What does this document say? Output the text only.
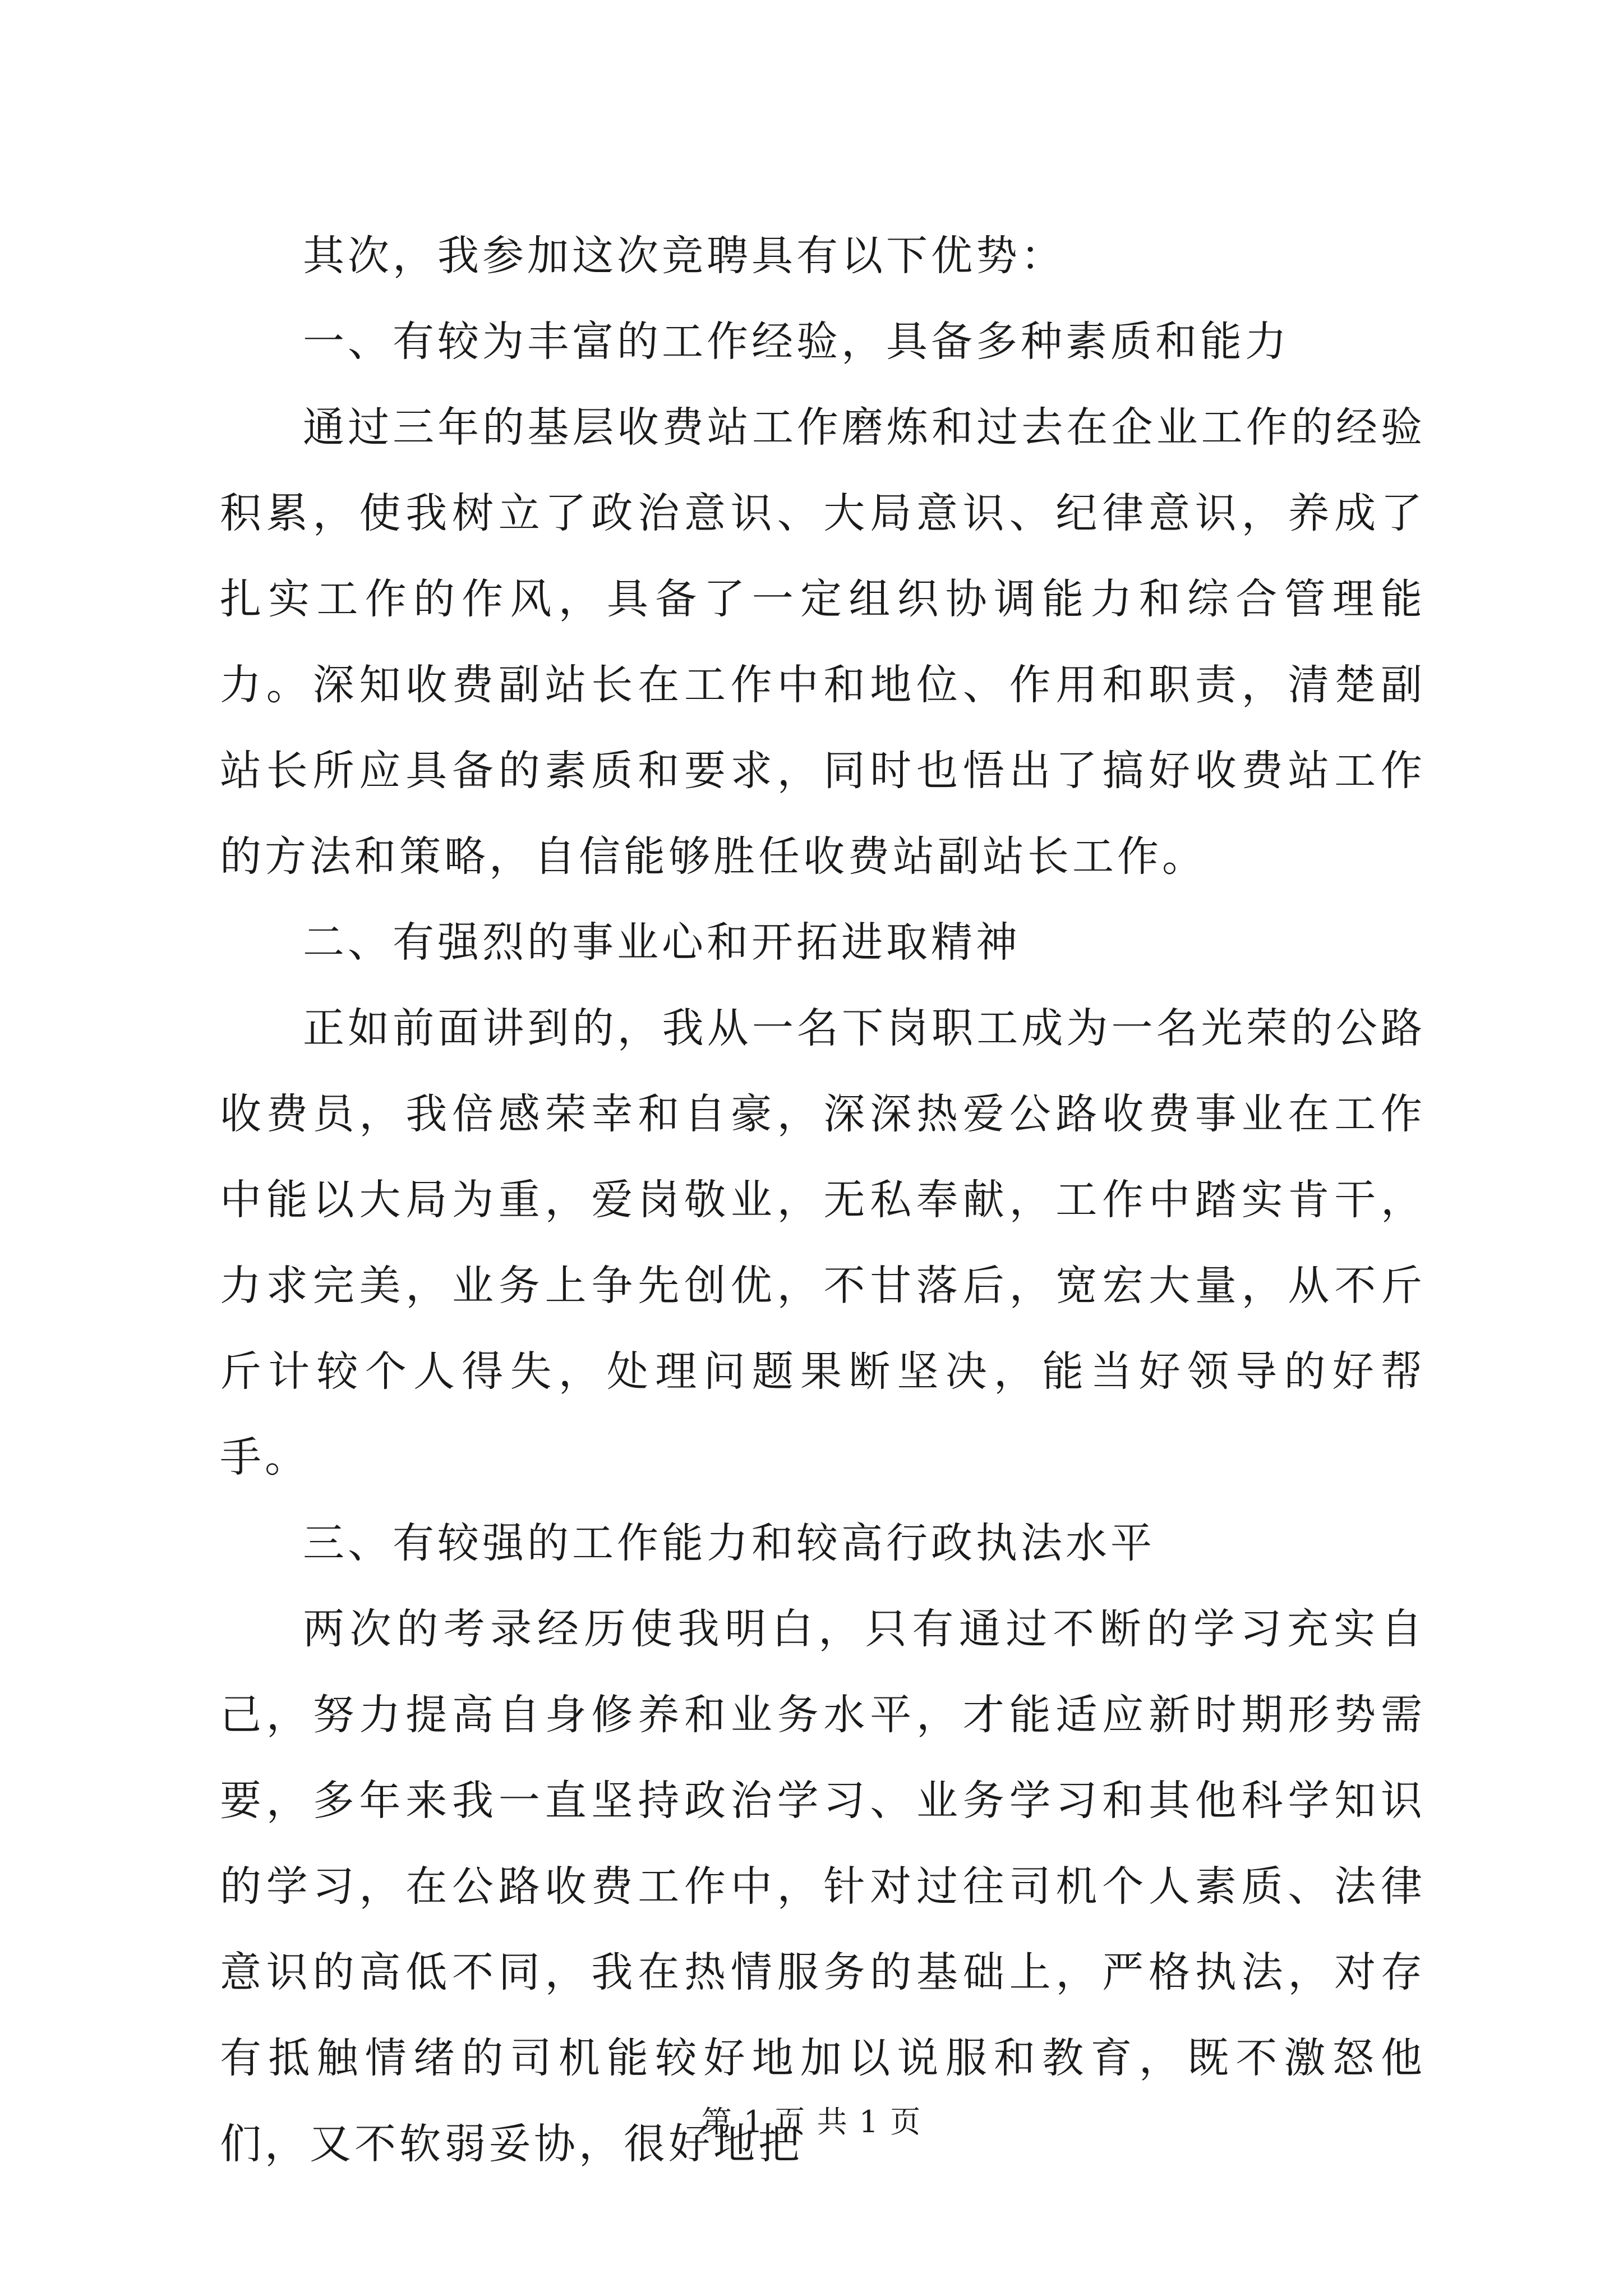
其次，我参加这次竞聘具有以下优势：

一、有较为丰富的工作经验，具备多种素质和能力

通过三年的基层收费站工作磨炼和过去在企业工作的经验积累，使我树立了政治意识、大局意识、纪律意识，养成了扎实工作的作风，具备了一定组织协调能力和综合管理能力。深知收费副站长在工作中和地位、作用和职责，清楚副站长所应具备的素质和要求，同时也悟出了搞好收费站工作的方法和策略，自信能够胜任收费站副站长工作。

二、有强烈的事业心和开拓进取精神

正如前面讲到的，我从一名下岗职工成为一名光荣的公路收费员，我倍感荣幸和自豪，深深热爱公路收费事业在工作中能以大局为重，爱岗敬业，无私奉献，工作中踏实肯干，力求完美，业务上争先创优，不甘落后，宽宏大量，从不斤斤计较个人得失，处理问题果断坚决，能当好领导的好帮手。

三、有较强的工作能力和较高行政执法水平

两次的考录经历使我明白，只有通过不断的学习充实自己，努力提高自身修养和业务水平，才能适应新时期形势需要，多年来我一直坚持政治学习、业务学习和其他科学知识的学习，在公路收费工作中，针对过往司机个人素质、法律意识的高低不同，我在热情服务的基础上，严格执法，对存有抵触情绪的司机能较好地加以说服和教育，既不激怒他们，又不软弱妥协，很好地把

第 1 页 共 1 页
